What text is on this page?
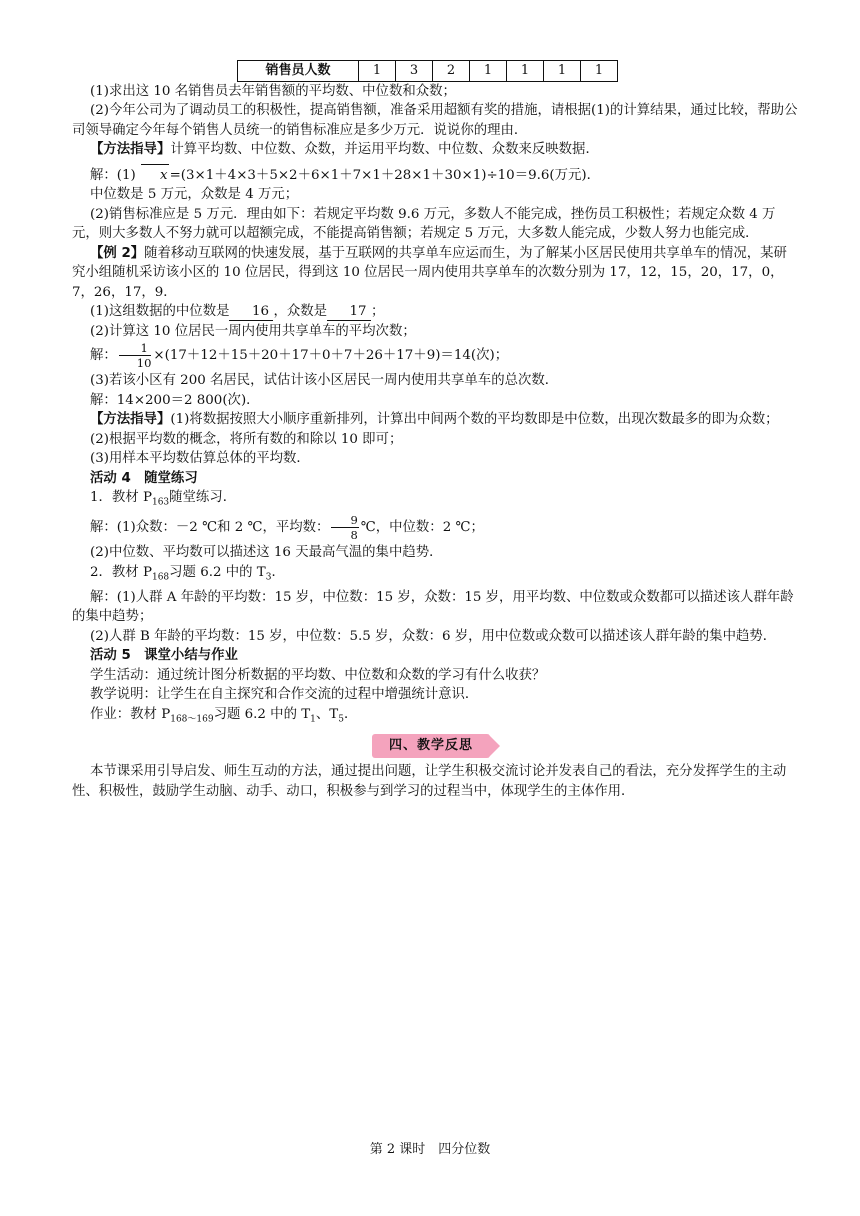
销售员人数	1	3	2	1	1	1	1

(1)求出这 10 名销售员去年销售额的平均数、中位数和众数；

(2)今年公司为了调动员工的积极性，提高销售额，准备采用超额有奖的措施，请根据(1)的计算结果，通过比较，帮助公司领导确定今年每个销售人员统一的销售标准应是多少万元．说说你的理由．

【方法指导】计算平均数、中位数、众数，并运用平均数、中位数、众数来反映数据．

解：(1) x =(3×1＋4×3＋5×2＋6×1＋7×1＋28×1＋30×1)÷10＝9.6(万元)．

中位数是 5 万元，众数是 4 万元；

(2)销售标准应是 5 万元．理由如下：若规定平均数 9.6 万元，多数人不能完成，挫伤员工积极性；若规定众数 4 万元，则大多数人不努力就可以超额完成，不能提高销售额；若规定 5 万元，大多数人能完成，少数人努力也能完成．

【例 2】随着移动互联网的快速发展，基于互联网的共享单车应运而生，为了解某小区居民使用共享单车的情况，某研究小组随机采访该小区的 10 位居民，得到这 10 位居民一周内使用共享单车的次数分别为 17，12，15，20，17，0，7，26，17，9．

(1)这组数据的中位数是 16 ，众数是 17 ；

(2)计算这 10 位居民一周内使用共享单车的平均次数；

解： $\frac{1}{10} \times(17+12+15+20+17+0+7+26+17+9)=14$(次)；

(3)若该小区有 200 名居民，试估计该小区居民一周内使用共享单车的总次数．

解：14×200＝2 800(次)．

【方法指导】(1)将数据按照大小顺序重新排列，计算出中间两个数的平均数即是中位数，出现次数最多的即为众数；

(2)根据平均数的概念，将所有数的和除以 10 即可；

(3)用样本平均数估算总体的平均数．

活动 4　随堂练习

1．教材 $P_{163}$随堂练习．

解：(1)众数：－2 ℃和 2 ℃，平均数： $\frac{9}{8}$ ℃，中位数：2 ℃；

(2)中位数、平均数可以描述这 16 天最高气温的集中趋势．

2．教材 $P_{168}$习题 6.2 中的 $T_3$．

解：(1)人群 A 年龄的平均数：15 岁，中位数：15 岁，众数：15 岁，用平均数、中位数或众数都可以描述该人群年龄的集中趋势；

(2)人群 B 年龄的平均数：15 岁，中位数：5.5 岁，众数：6 岁，用中位数或众数可以描述该人群年龄的集中趋势．

活动 5　课堂小结与作业

学生活动：通过统计图分析数据的平均数、中位数和众数的学习有什么收获？

教学说明：让学生在自主探究和合作交流的过程中增强统计意识．

作业：教材 $P_{168\sim 169}$习题 6.2 中的 $T_1$、$T_5$．

四、教学反思

本节课采用引导启发、师生互动的方法，通过提出问题，让学生积极交流讨论并发表自己的看法，充分发挥学生的主动性、积极性，鼓励学生动脑、动手、动口，积极参与到学习的过程当中，体现学生的主体作用．

第 2 课时　四分位数
